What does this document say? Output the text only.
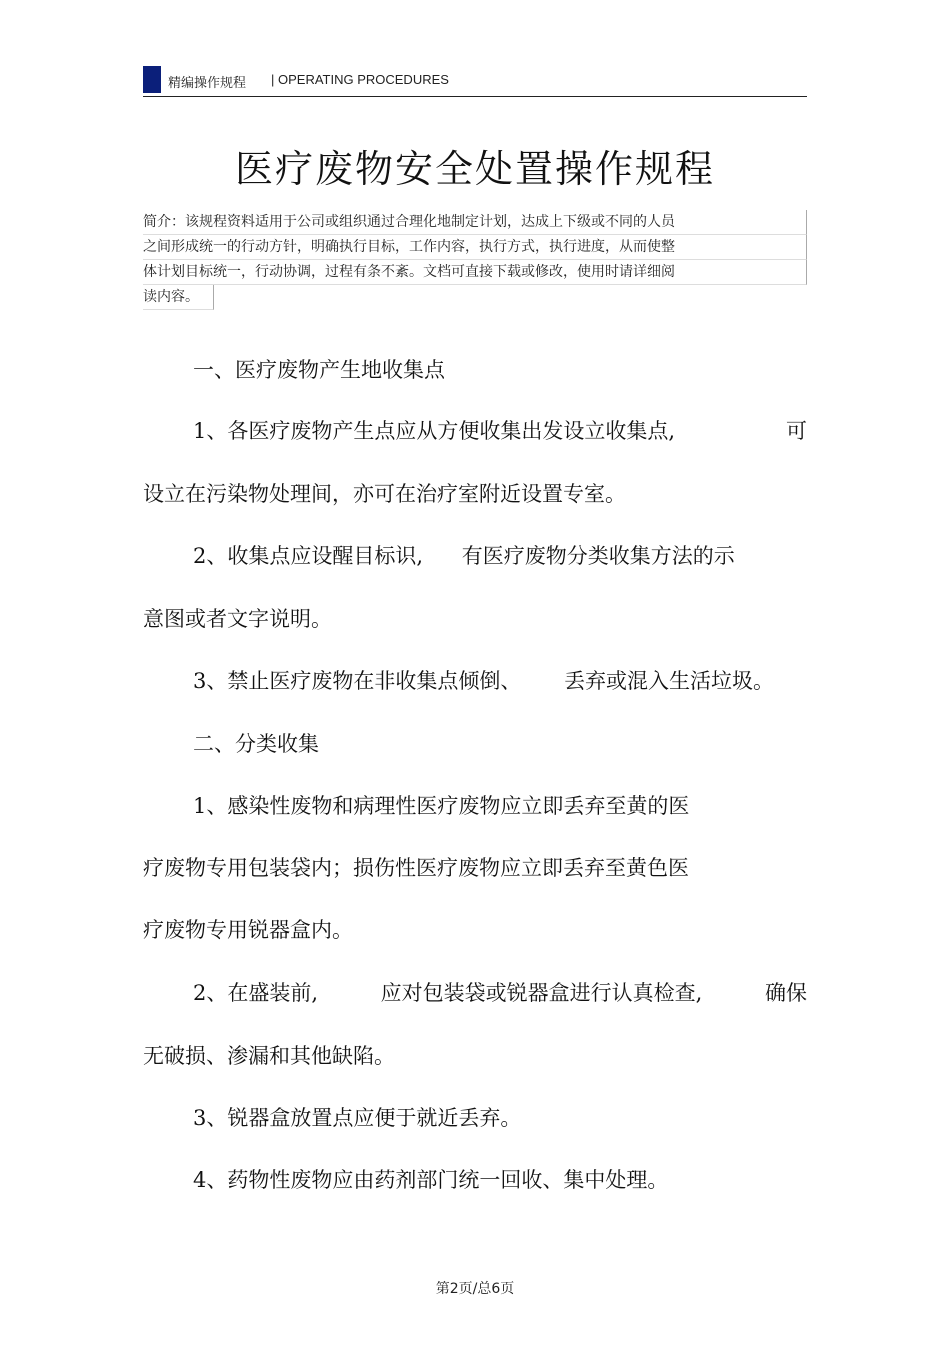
精编操作规程 | OPERATING PROCEDURES
医疗废物安全处置操作规程
简介：该规程资料适用于公司或组织通过合理化地制定计划，达成上下级或不同的人员
之间形成统一的行动方针，明确执行目标，工作内容，执行方式，执行进度，从而使整
体计划目标统一，行动协调，过程有条不紊。文档可直接下载或修改，使用时请详细阅
读内容。
一、医疗废物产生地收集点
1、各医疗废物产生点应从方便收集出发设立收集点,	可
设立在污染物处理间，亦可在治疗室附近设置专室。
2、收集点应设醒目标识, 有医疗废物分类收集方法的示
意图或者文字说明。
3、禁止医疗废物在非收集点倾倒、 丢弃或混入生活垃圾。
二、分类收集
1、感染性废物和病理性医疗废物应立即丢弃至黄的医
疗废物专用包装袋内；损伤性医疗废物应立即丢弃至黄色医
疗废物专用锐器盒内。
2、在盛装前,	应对包装袋或锐器盒进行认真检查,	确保
无破损、渗漏和其他缺陷。
3、锐器盒放置点应便于就近丢弃。
4、药物性废物应由药剂部门统一回收、集中处理。
第2页/总6页
